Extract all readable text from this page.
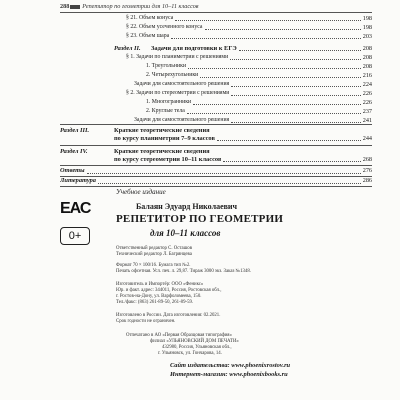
288 Репетитор по геометрии для 10–11 классов
§ 21. Объем конуса	198
§ 22. Объем усеченного конуса	198
§ 23. Объем шара	203
Раздел II. Задачи для подготовки к ЕГЭ	208
§ 1. Задачи по планиметрии с решениями	208
1. Треугольники	208
2. Четырехугольники	216
Задачи для самостоятельного решения	224
§ 2. Задачи по стереометрии с решениями	226
1. Многогранники	226
2. Круглые тела	237
Задачи для самостоятельного решения	241
Раздел III.	Краткие теоретические сведения
по курсу планиметрии 7–9 классов	244
Раздел IV.	Краткие теоретические сведения
по курсу стереометрии 10–11 классов	268
Ответы	276
Литература	286
Учебное издание
ЕАС
0+
Балаян Эдуард Николаевич
РЕПЕТИТОР ПО ГЕОМЕТРИИ
для 10–11 классов
Ответственный редактор С. Осташов
Технический редактор Л. Багрянцева
Формат 70 × 100/16. Бумага тип №2.
Печать офсетная. Усл. печ. л. 29,87. Тираж 3000 экз. Заказ №1348.
Изготовитель и Импортёр: ООО «Феникс»
Юр. и факт. адрес: 344011, Россия, Ростовская обл.,
г. Ростов-на-Дону, ул. Варфоломеева, 150.
Тел./факс: (863) 261-89-50, 261-89-59.
Изготовлено в России. Дата изготовления: 02.2021.
Срок годности не ограничен.
Отпечатано в АО «Первая Образцовая типография»
филиал «УЛЬЯНОВСКИЙ ДОМ ПЕЧАТИ»
432980, Россия, Ульяновская обл.,
г. Ульяновск, ул. Гончарова, 14.
Сайт издательства: www.phoenixrostov.ru
Интернет-магазин: www.phoenixbooks.ru
